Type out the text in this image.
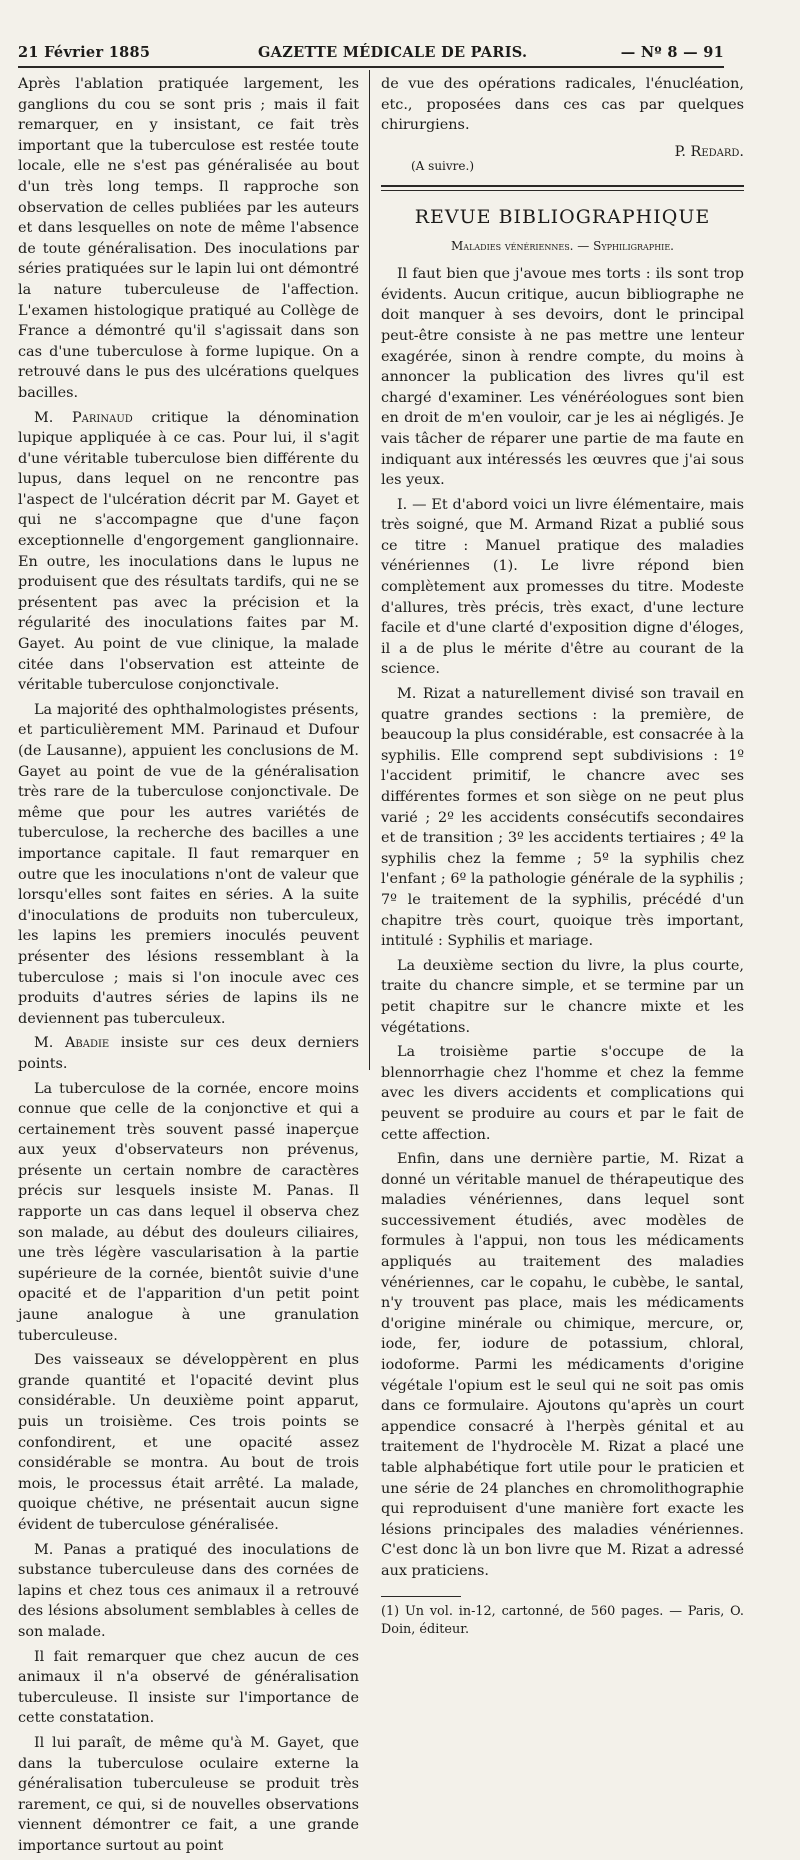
21 Février 1885	GAZETTE MÉDICALE DE PARIS.	— Nº 8 — 91

Après l'ablation pratiquée largement, les ganglions du cou se sont pris ; mais il fait remarquer, en y insistant, ce fait très important que la tuberculose est restée toute locale, elle ne s'est pas généralisée au bout d'un très long temps. Il rapproche son observation de celles publiées par les auteurs et dans lesquelles on note de même l'absence de toute généralisation. Des inoculations par séries pratiquées sur le lapin lui ont démontré la nature tuberculeuse de l'affection. L'examen histologique pratiqué au Collège de France a démontré qu'il s'agissait dans son cas d'une tuberculose à forme lupique. On a retrouvé dans le pus des ulcérations quelques bacilles.

M. Parinaud critique la dénomination lupique appliquée à ce cas. Pour lui, il s'agit d'une véritable tuberculose bien différente du lupus, dans lequel on ne rencontre pas l'aspect de l'ulcération décrit par M. Gayet et qui ne s'accompagne que d'une façon exceptionnelle d'engorgement ganglionnaire. En outre, les inoculations dans le lupus ne produisent que des résultats tardifs, qui ne se présentent pas avec la précision et la régularité des inoculations faites par M. Gayet. Au point de vue clinique, la malade citée dans l'observation est atteinte de véritable tuberculose conjonctivale.

La majorité des ophthalmologistes présents, et particulièrement MM. Parinaud et Dufour (de Lausanne), appuient les conclusions de M. Gayet au point de vue de la généralisation très rare de la tuberculose conjonctivale. De même que pour les autres variétés de tuberculose, la recherche des bacilles a une importance capitale. Il faut remarquer en outre que les inoculations n'ont de valeur que lorsqu'elles sont faites en séries. A la suite d'inoculations de produits non tuberculeux, les lapins les premiers inoculés peuvent présenter des lésions ressemblant à la tuberculose ; mais si l'on inocule avec ces produits d'autres séries de lapins ils ne deviennent pas tuberculeux.

M. Abadie insiste sur ces deux derniers points.

La tuberculose de la cornée, encore moins connue que celle de la conjonctive et qui a certainement très souvent passé inaperçue aux yeux d'observateurs non prévenus, présente un certain nombre de caractères précis sur lesquels insiste M. Panas. Il rapporte un cas dans lequel il observa chez son malade, au début des douleurs ciliaires, une très légère vascularisation à la partie supérieure de la cornée, bientôt suivie d'une opacité et de l'apparition d'un petit point jaune analogue à une granulation tuberculeuse.

Des vaisseaux se développèrent en plus grande quantité et l'opacité devint plus considérable. Un deuxième point apparut, puis un troisième. Ces trois points se confondirent, et une opacité assez considérable se montra. Au bout de trois mois, le processus était arrêté. La malade, quoique chétive, ne présentait aucun signe évident de tuberculose généralisée.

M. Panas a pratiqué des inoculations de substance tuberculeuse dans des cornées de lapins et chez tous ces animaux il a retrouvé des lésions absolument semblables à celles de son malade.

Il fait remarquer que chez aucun de ces animaux il n'a observé de généralisation tuberculeuse. Il insiste sur l'importance de cette constatation.

Il lui paraît, de même qu'à M. Gayet, que dans la tuberculose oculaire externe la généralisation tuberculeuse se produit très rarement, ce qui, si de nouvelles observations viennent démontrer ce fait, a une grande importance surtout au point

de vue des opérations radicales, l'énucléation, etc., proposées dans ces cas par quelques chirurgiens.

P. Redard.
(A suivre.)
REVUE BIBLIOGRAPHIQUE
Maladies vénériennes. — Syphiligraphie.

Il faut bien que j'avoue mes torts : ils sont trop évidents. Aucun critique, aucun bibliographe ne doit manquer à ses devoirs, dont le principal peut-être consiste à ne pas mettre une lenteur exagérée, sinon à rendre compte, du moins à annoncer la publication des livres qu'il est chargé d'examiner. Les vénéréologues sont bien en droit de m'en vouloir, car je les ai négligés. Je vais tâcher de réparer une partie de ma faute en indiquant aux intéressés les œuvres que j'ai sous les yeux.

I. — Et d'abord voici un livre élémentaire, mais très soigné, que M. Armand Rizat a publié sous ce titre : Manuel pratique des maladies vénériennes (1). Le livre répond bien complètement aux promesses du titre. Modeste d'allures, très précis, très exact, d'une lecture facile et d'une clarté d'exposition digne d'éloges, il a de plus le mérite d'être au courant de la science.

M. Rizat a naturellement divisé son travail en quatre grandes sections : la première, de beaucoup la plus considérable, est consacrée à la syphilis. Elle comprend sept subdivisions : 1º l'accident primitif, le chancre avec ses différentes formes et son siège on ne peut plus varié ; 2º les accidents consécutifs secondaires et de transition ; 3º les accidents tertiaires ; 4º la syphilis chez la femme ; 5º la syphilis chez l'enfant ; 6º la pathologie générale de la syphilis ; 7º le traitement de la syphilis, précédé d'un chapitre très court, quoique très important, intitulé : Syphilis et mariage.

La deuxième section du livre, la plus courte, traite du chancre simple, et se termine par un petit chapitre sur le chancre mixte et les végétations.

La troisième partie s'occupe de la blennorrhagie chez l'homme et chez la femme avec les divers accidents et complications qui peuvent se produire au cours et par le fait de cette affection.

Enfin, dans une dernière partie, M. Rizat a donné un véritable manuel de thérapeutique des maladies vénériennes, dans lequel sont successivement étudiés, avec modèles de formules à l'appui, non tous les médicaments appliqués au traitement des maladies vénériennes, car le copahu, le cubèbe, le santal, n'y trouvent pas place, mais les médicaments d'origine minérale ou chimique, mercure, or, iode, fer, iodure de potassium, chloral, iodoforme. Parmi les médicaments d'origine végétale l'opium est le seul qui ne soit pas omis dans ce formulaire. Ajoutons qu'après un court appendice consacré à l'herpès génital et au traitement de l'hydrocèle M. Rizat a placé une table alphabétique fort utile pour le praticien et une série de 24 planches en chromolithographie qui reproduisent d'une manière fort exacte les lésions principales des maladies vénériennes. C'est donc là un bon livre que M. Rizat a adressé aux praticiens.

(1) Un vol. in-12, cartonné, de 560 pages. — Paris, O. Doin, éditeur.
